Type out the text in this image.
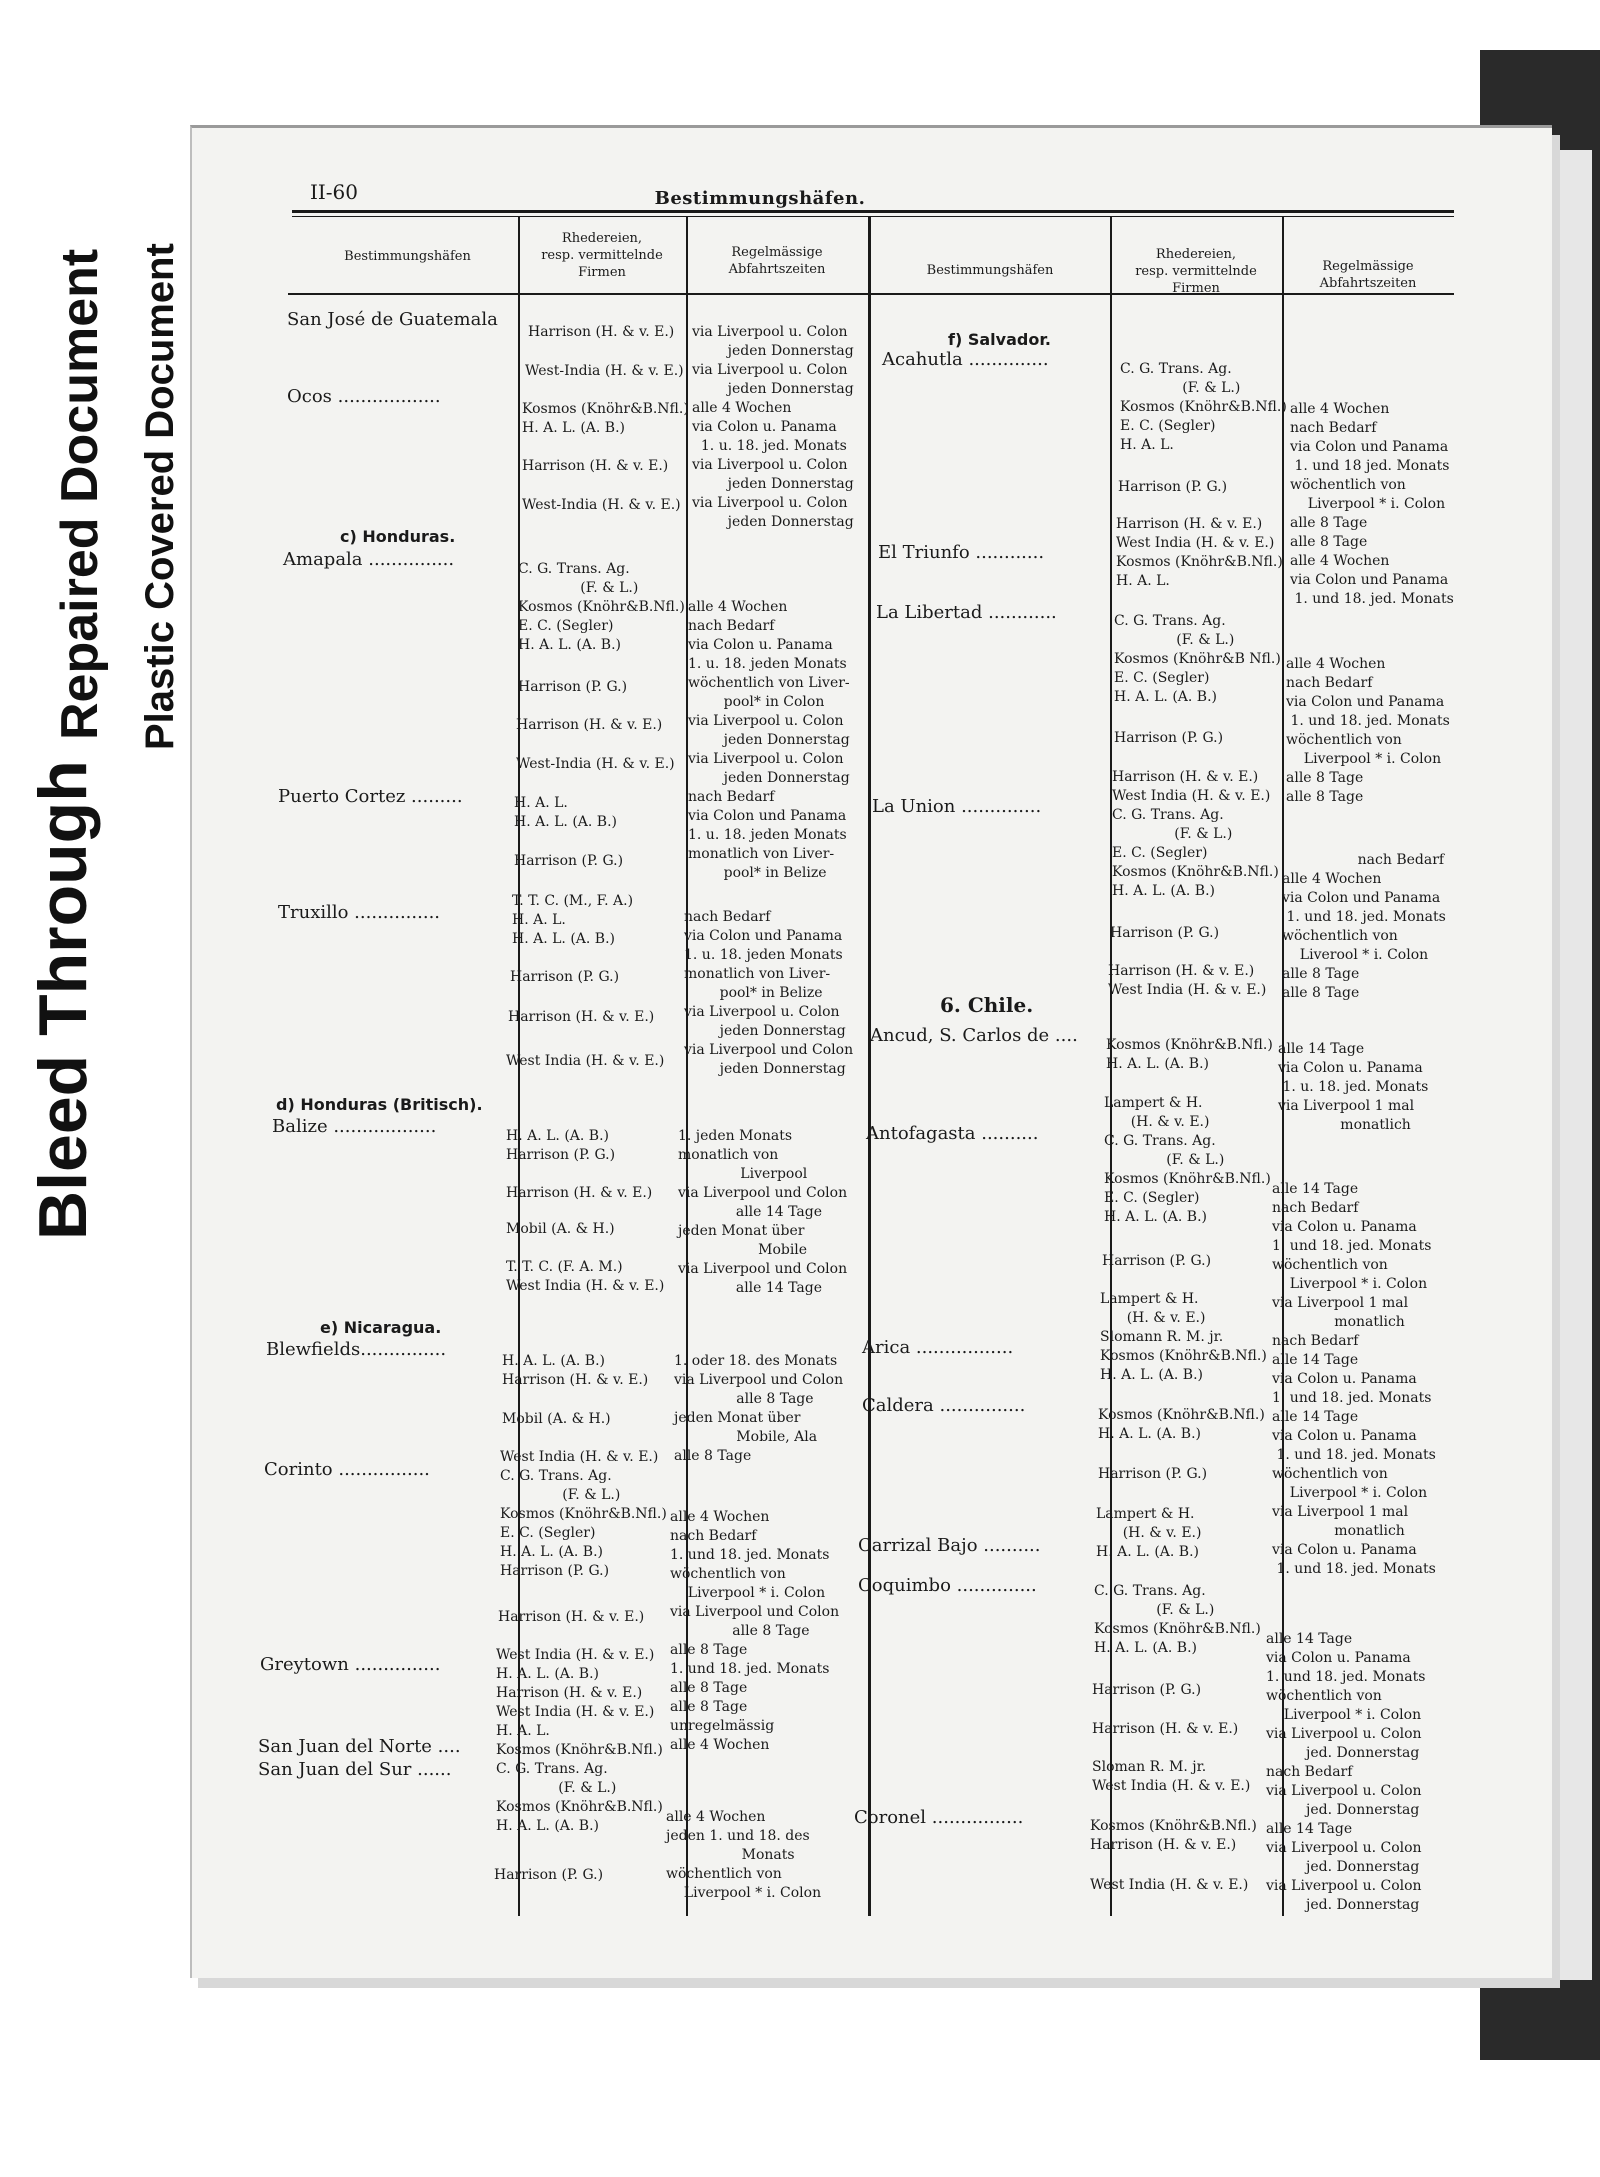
Bleed Through
Repaired Document Plastic Covered Document
II-60	Bestimmungshäfen.
Bestimmungshäfen
Rhedereien,
resp. vermittelnde
Firmen
Regelmässige
Abfahrtszeiten	Bestimmungshäfen
Rhedereien,
resp. vermittelnde
Firmen
Regelmässige
Abfahrtszeiten
San José de Guatemala
Ocos ..................
c) Honduras.
Amapala ...............
Puerto Cortez .........
Truxillo ...............
d) Honduras (Britisch).
Balize ..................
e) Nicaragua.
Blewfields...............
Corinto ................
Greytown ...............
San Juan del Norte ....
San Juan del Sur ......
Harrison (H. & v. E.)
West-India (H. & v. E.)
Kosmos (Knöhr&B.Nfl.)
H. A. L. (A. B.)
Harrison (H. & v. E.)
West-India (H. & v. E.)
C. G. Trans. Ag.
(F. & L.)
Kosmos (Knöhr&B.Nfl.)
E. C. (Segler)
H. A. L. (A. B.)
Harrison (P. G.)
Harrison (H. & v. E.)
West-India (H. & v. E.)
H. A. L.
H. A. L. (A. B.)
Harrison (P. G.)
T. T. C. (M., F. A.)
H. A. L.
H. A. L. (A. B.)
Harrison (P. G.)
Harrison (H. & v. E.)
West India (H. & v. E.)
H. A. L. (A. B.)
Harrison (P. G.)
Harrison (H. & v. E.)
Mobil (A. & H.)
T. T. C. (F. A. M.)
West India (H. & v. E.)
H. A. L. (A. B.)
Harrison (H. & v. E.)
Mobil (A. & H.)
West India (H. & v. E.)
C. G. Trans. Ag.
(F. & L.)
Kosmos (Knöhr&B.Nfl.)
E. C. (Segler)
H. A. L. (A. B.)
Harrison (P. G.)
Harrison (H. & v. E.)
West India (H. & v. E.)
H. A. L. (A. B.)
Harrison (H. & v. E.)
West India (H. & v. E.)
H. A. L.
Kosmos (Knöhr&B.Nfl.)
C. G. Trans. Ag.
(F. & L.)
Kosmos (Knöhr&B.Nfl.)
H. A. L. (A. B.)
Harrison (P. G.)
via Liverpool u. Colon
jeden Donnerstag
via Liverpool u. Colon
jeden Donnerstag
alle 4 Wochen
via Colon u. Panama
1. u. 18. jed. Monats
via Liverpool u. Colon
jeden Donnerstag
via Liverpool u. Colon
jeden Donnerstag
alle 4 Wochen
nach Bedarf
via Colon u. Panama
1. u. 18. jeden Monats
wöchentlich von Liver-
pool* in Colon
via Liverpool u. Colon
jeden Donnerstag
via Liverpool u. Colon
jeden Donnerstag
nach Bedarf
via Colon und Panama
1. u. 18. jeden Monats
monatlich von Liver-
pool* in Belize
nach Bedarf
via Colon und Panama
1. u. 18. jeden Monats
monatlich von Liver-
pool* in Belize
via Liverpool u. Colon
jeden Donnerstag
via Liverpool und Colon
jeden Donnerstag
1. jeden Monats
monatlich von
Liverpool
via Liverpool und Colon
alle 14 Tage
jeden Monat über
Mobile
via Liverpool und Colon
alle 14 Tage
1. oder 18. des Monats
via Liverpool und Colon
alle 8 Tage
jeden Monat über
Mobile, Ala
alle 8 Tage
alle 4 Wochen
nach Bedarf
1. und 18. jed. Monats
wöchentlich von
Liverpool * i. Colon
via Liverpool und Colon
alle 8 Tage
alle 8 Tage
1. und 18. jed. Monats
alle 8 Tage
alle 8 Tage
unregelmässig
alle 4 Wochen
alle 4 Wochen
jeden 1. und 18. des
Monats
wöchentlich von
Liverpool * i. Colon
f) Salvador.
Acahutla ..............
El Triunfo ............
La Libertad ............
La Union ..............
6. Chile.
Ancud, S. Carlos de ....
Antofagasta ..........
Arica .................
Caldera ...............
Carrizal Bajo ..........
Coquimbo ..............
Coronel ................
C. G. Trans. Ag.
(F. & L.)
Kosmos (Knöhr&B.Nfl.)
E. C. (Segler)
H. A. L.
Harrison (P. G.)
Harrison (H. & v. E.)
West India (H. & v. E.)
Kosmos (Knöhr&B.Nfl.)
H. A. L.
C. G. Trans. Ag.
(F. & L.)
Kosmos (Knöhr&B Nfl.)
E. C. (Segler)
H. A. L. (A. B.)
Harrison (P. G.)
Harrison (H. & v. E.)
West India (H. & v. E.)
C. G. Trans. Ag.
(F. & L.)
E. C. (Segler)
Kosmos (Knöhr&B.Nfl.)
H. A. L. (A. B.)
Harrison (P. G.)
Harrison (H. & v. E.)
West India (H. & v. E.)
Kosmos (Knöhr&B.Nfl.)
H. A. L. (A. B.)
Lampert & H.
(H. & v. E.)
C. G. Trans. Ag.
(F. & L.)
Kosmos (Knöhr&B.Nfl.)
E. C. (Segler)
H. A. L. (A. B.)
Harrison (P. G.)
Lampert & H.
(H. & v. E.)
Slomann R. M. jr.
Kosmos (Knöhr&B.Nfl.)
H. A. L. (A. B.)
Kosmos (Knöhr&B.Nfl.)
H. A. L. (A. B.)
Harrison (P. G.)
Lampert & H.
(H. & v. E.)
H. A. L. (A. B.)
C. G. Trans. Ag.
(F. & L.)
Kosmos (Knöhr&B.Nfl.)
H. A. L. (A. B.)
Harrison (P. G.)
Harrison (H. & v. E.)
Sloman R. M. jr.
West India (H. & v. E.)
Kosmos (Knöhr&B.Nfl.)
Harrison (H. & v. E.)
West India (H. & v. E.)
alle 4 Wochen
nach Bedarf
via Colon und Panama
1. und 18 jed. Monats
wöchentlich von
Liverpool * i. Colon
alle 8 Tage
alle 8 Tage
alle 4 Wochen
via Colon und Panama
1. und 18. jed. Monats
alle 4 Wochen
nach Bedarf
via Colon und Panama
1. und 18. jed. Monats
wöchentlich von
Liverpool * i. Colon
alle 8 Tage
alle 8 Tage
nach Bedarf
alle 4 Wochen
via Colon und Panama
1. und 18. jed. Monats
wöchentlich von
Liverool * i. Colon
alle 8 Tage
alle 8 Tage
alle 14 Tage
via Colon u. Panama
1. u. 18. jed. Monats
via Liverpool 1 mal
monatlich
alle 14 Tage
nach Bedarf
via Colon u. Panama
1. und 18. jed. Monats
wöchentlich von
Liverpool * i. Colon
via Liverpool 1 mal
monatlich
nach Bedarf
alle 14 Tage
via Colon u. Panama
1. und 18. jed. Monats
alle 14 Tage
via Colon u. Panama
1. und 18. jed. Monats
wöchentlich von
Liverpool * i. Colon
via Liverpool 1 mal
monatlich
via Colon u. Panama
1. und 18. jed. Monats
alle 14 Tage
via Colon u. Panama
1. und 18. jed. Monats
wöchentlich von
Liverpool * i. Colon
via Liverpool u. Colon
jed. Donnerstag
nach Bedarf
via Liverpool u. Colon
jed. Donnerstag
alle 14 Tage
via Liverpool u. Colon
jed. Donnerstag
via Liverpool u. Colon
jed. Donnerstag
